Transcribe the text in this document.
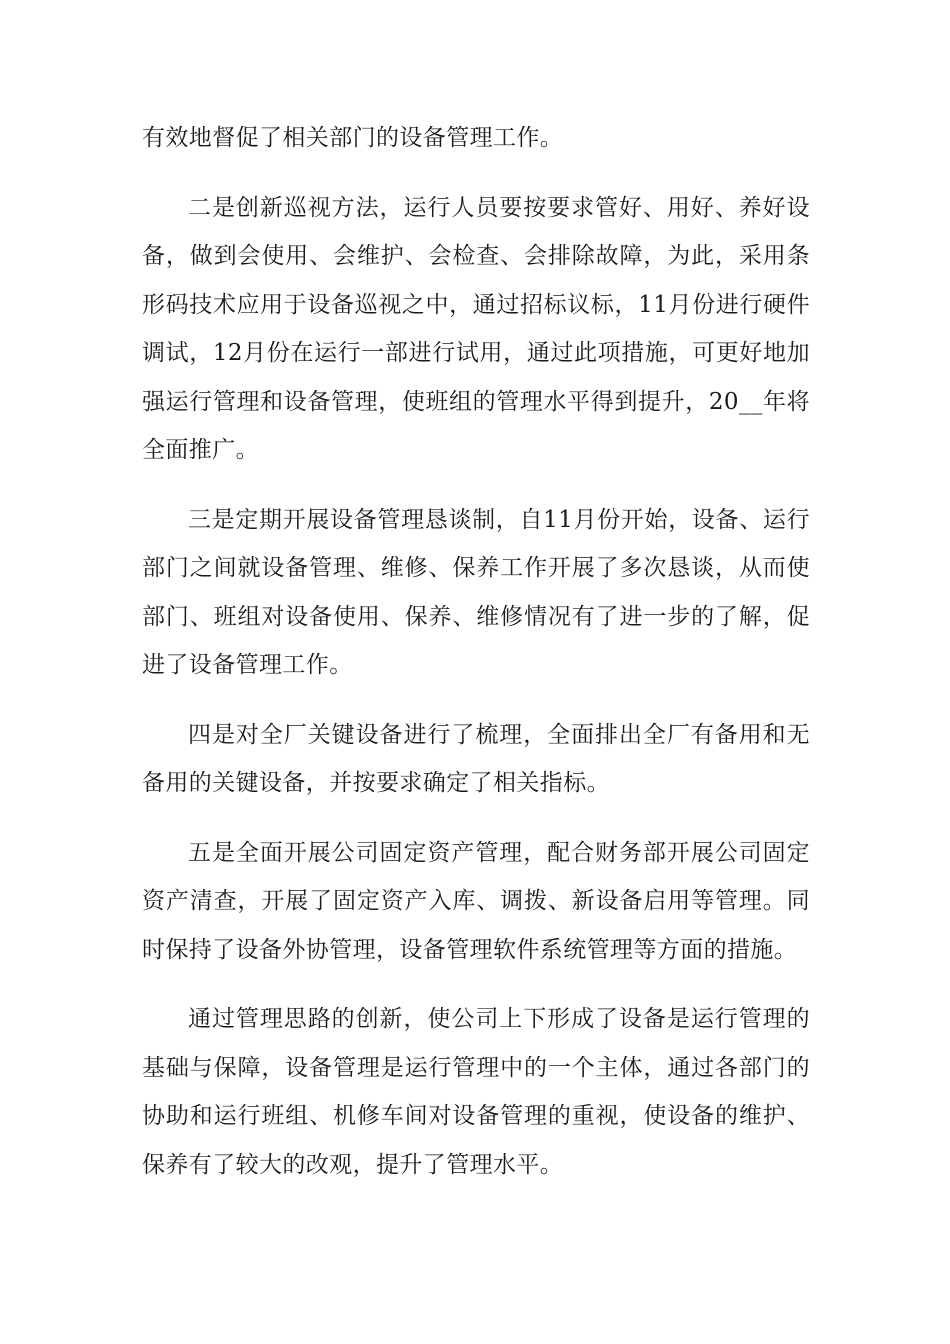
有效地督促了相关部门的设备管理工作。

二是创新巡视方法，运行人员要按要求管好、用好、养好设备，做到会使用、会维护、会检查、会排除故障，为此，采用条形码技术应用于设备巡视之中，通过招标议标，11月份进行硬件调试，12月份在运行一部进行试用，通过此项措施，可更好地加强运行管理和设备管理，使班组的管理水平得到提升，20__年将全面推广。

三是定期开展设备管理恳谈制，自11月份开始，设备、运行部门之间就设备管理、维修、保养工作开展了多次恳谈，从而使部门、班组对设备使用、保养、维修情况有了进一步的了解，促进了设备管理工作。

四是对全厂关键设备进行了梳理，全面排出全厂有备用和无备用的关键设备，并按要求确定了相关指标。

五是全面开展公司固定资产管理，配合财务部开展公司固定资产清查，开展了固定资产入库、调拨、新设备启用等管理。同时保持了设备外协管理，设备管理软件系统管理等方面的措施。

通过管理思路的创新，使公司上下形成了设备是运行管理的基础与保障，设备管理是运行管理中的一个主体，通过各部门的协助和运行班组、机修车间对设备管理的重视，使设备的维护、保养有了较大的改观，提升了管理水平。
